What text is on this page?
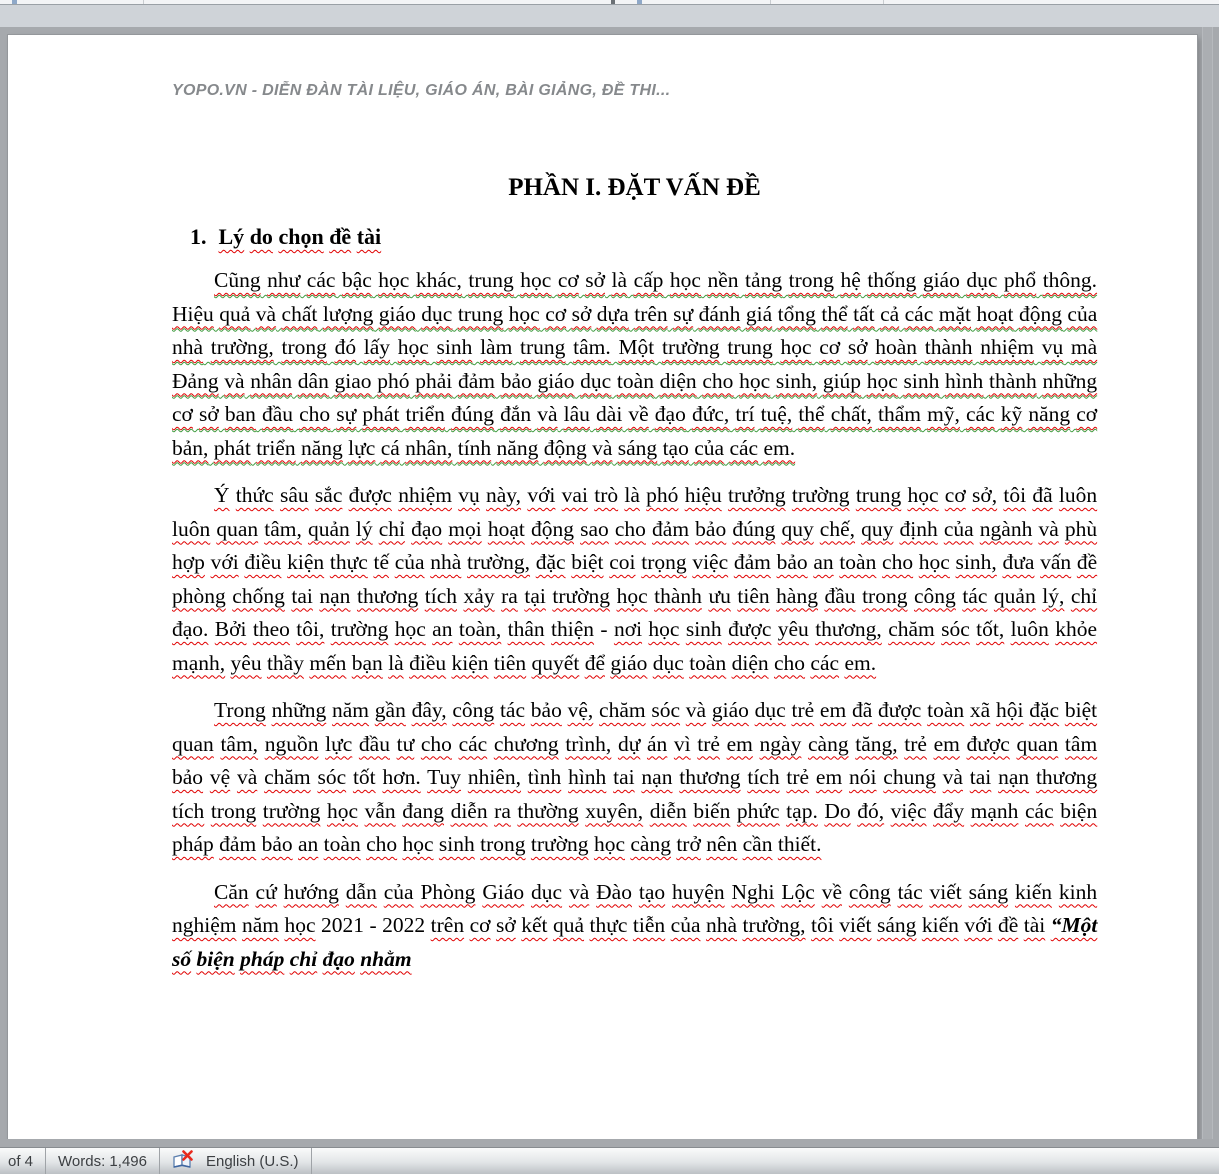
YOPO.VN - DIỄN ĐÀN TÀI LIỆU, GIÁO ÁN, BÀI GIẢNG, ĐỀ THI...
PHẦN I. ĐẶT VẤN ĐỀ
1. Lý do chọn đề tài

Cũng như các bậc học khác, trung học cơ sở là cấp học nền tảng trong hệ thống giáo dục phổ thông. Hiệu quả và chất lượng giáo dục trung học cơ sở dựa trên sự đánh giá tổng thể tất cả các mặt hoạt động của nhà trường, trong đó lấy học sinh làm trung tâm. Một trường trung học cơ sở hoàn thành nhiệm vụ mà Đảng và nhân dân giao phó phải đảm bảo giáo dục toàn diện cho học sinh, giúp học sinh hình thành những cơ sở ban đầu cho sự phát triển đúng đắn và lâu dài về đạo đức, trí tuệ, thể chất, thẩm mỹ, các kỹ năng cơ bản, phát triển năng lực cá nhân, tính năng động và sáng tạo của các em.

Ý thức sâu sắc được nhiệm vụ này, với vai trò là phó hiệu trưởng trường trung học cơ sở, tôi đã luôn luôn quan tâm, quản lý chỉ đạo mọi hoạt động sao cho đảm bảo đúng quy chế, quy định của ngành và phù hợp với điều kiện thực tế của nhà trường, đặc biệt coi trọng việc đảm bảo an toàn cho học sinh, đưa vấn đề phòng chống tai nạn thương tích xảy ra tại trường học thành ưu tiên hàng đầu trong công tác quản lý, chỉ đạo. Bởi theo tôi, trường học an toàn, thân thiện - nơi học sinh được yêu thương, chăm sóc tốt, luôn khỏe mạnh, yêu thầy mến bạn là điều kiện tiên quyết để giáo dục toàn diện cho các em.

Trong những năm gần đây, công tác bảo vệ, chăm sóc và giáo dục trẻ em đã được toàn xã hội đặc biệt quan tâm, nguồn lực đầu tư cho các chương trình, dự án vì trẻ em ngày càng tăng, trẻ em được quan tâm bảo vệ và chăm sóc tốt hơn. Tuy nhiên, tình hình tai nạn thương tích trẻ em nói chung và tai nạn thương tích trong trường học vẫn đang diễn ra thường xuyên, diễn biến phức tạp. Do đó, việc đẩy mạnh các biện pháp đảm bảo an toàn cho học sinh trong trường học càng trở nên cần thiết.

Căn cứ hướng dẫn của Phòng Giáo dục và Đào tạo huyện Nghi Lộc về công tác viết sáng kiến kinh nghiệm năm học 2021 - 2022 trên cơ sở kết quả thực tiễn của nhà trường, tôi viết sáng kiến với đề tài “Một số biện pháp chỉ đạo nhằm

of 4	Words: 1,496	English (U.S.)
